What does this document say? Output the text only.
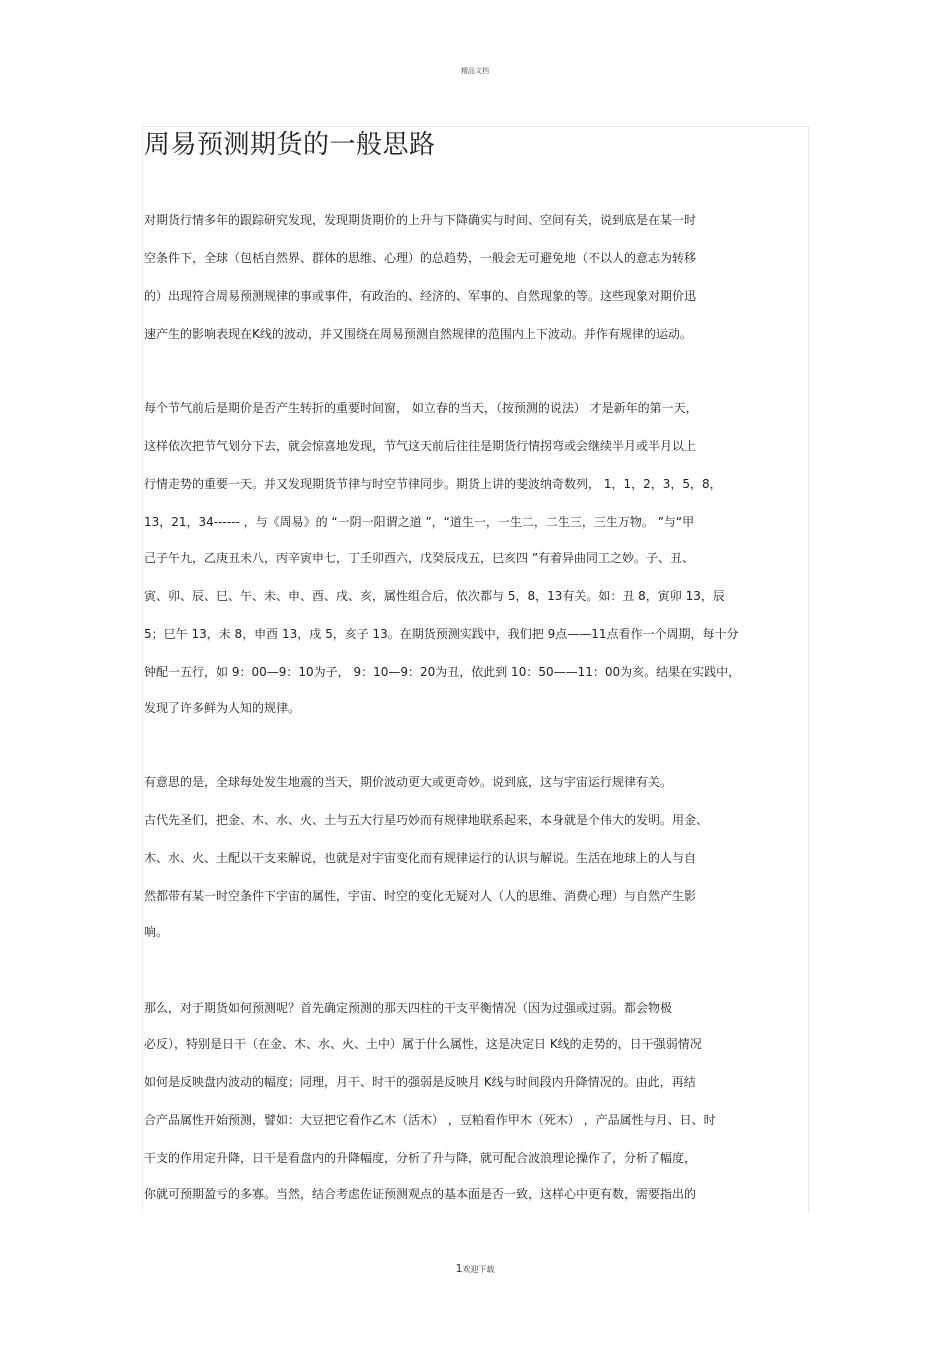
精品文档
周易预测期货的一般思路
对期货行情多年的跟踪研究发现，发现期货期价的上升与下降确实与时间、空间有关，说到底是在某一时
空条件下，全球（包栝自然界、群体的思维、心理）的总趋势，一般会无可避免地（不以人的意志为转移
的）出现符合周易预测规律的事或事件，有政治的、经济的、军事的、自然现象的等。这些现象对期价迅
速产生的影响表现在K线的波动，并又围绕在周易预测自然规律的范围内上下波动。并作有规律的运动。
每个节气前后是期价是否产生转折的重要时间窗， 如立春的当天，（按预测的说法） 才是新年的第一天，
这样依次把节气划分下去，就会惊喜地发现，节气这天前后往往是期货行情拐弯或会继续半月或半月以上
行情走势的重要一天。并又发现期货节律与时空节律同步。期货上讲的斐波纳奇数列， 1，1，2，3，5，8，
13，21，34------ ，与《周易》的 “一阴一阳谓之道 ”，“道生一，一生二，二生三，三生万物。 ”与“甲
己子午九，乙庚丑未八，丙辛寅申七，丁壬卯酉六，戊癸辰戌五，巳亥四 ”有着异曲同工之妙。子、丑、
寅、卯、辰、巳、午、未、申、酉、戌、亥，属性组合后，依次都与 5，8，13有关。如：丑 8，寅卯 13，辰
5；巳午 13，未 8，申酉 13，戌 5，亥子 13。在期货预测实践中，我们把 9点——11点看作一个周期，每十分
钟配一五行，如 9：00—9：10为子， 9：10—9：20为丑，依此到 10：50——11：00为亥。结果在实践中，
发现了许多鲜为人知的规律。
有意思的是，全球每处发生地震的当天，期价波动更大或更奇妙。说到底，这与宇宙运行规律有关。
古代先圣们，把金、木、水、火、土与五大行星巧妙而有规律地联系起来，本身就是个伟大的发明。用金、
木、水、火、土配以干支来解说，也就是对宇宙变化而有规律运行的认识与解说。生活在地球上的人与自
然都带有某一时空条件下宇宙的属性，宇宙、时空的变化无疑对人（人的思维、消费心理）与自然产生影
响。
那么，对于期货如何预测呢？首先确定预测的那天四柱的干支平衡情况（因为过强或过弱。都会物极
必反），特别是日干（在金、木、水、火、土中）属于什么属性，这是决定日 K线的走势的，日干强弱情况
如何是反映盘内波动的幅度；同理，月干、时干的强弱是反映月 K线与时间段内升降情况的。由此，再结
合产品属性开始预测，譬如：大豆把它看作乙木（活木） ，豆粕看作甲木（死木） ，产品属性与月、日、时
干支的作用定升降，日干是看盘内的升降幅度，分析了升与降，就可配合波浪理论操作了，分析了幅度，
你就可预期盈亏的多寡。当然，结合考虑佐证预测观点的基本面是否一致，这样心中更有数，需要指出的
1欢迎下载
